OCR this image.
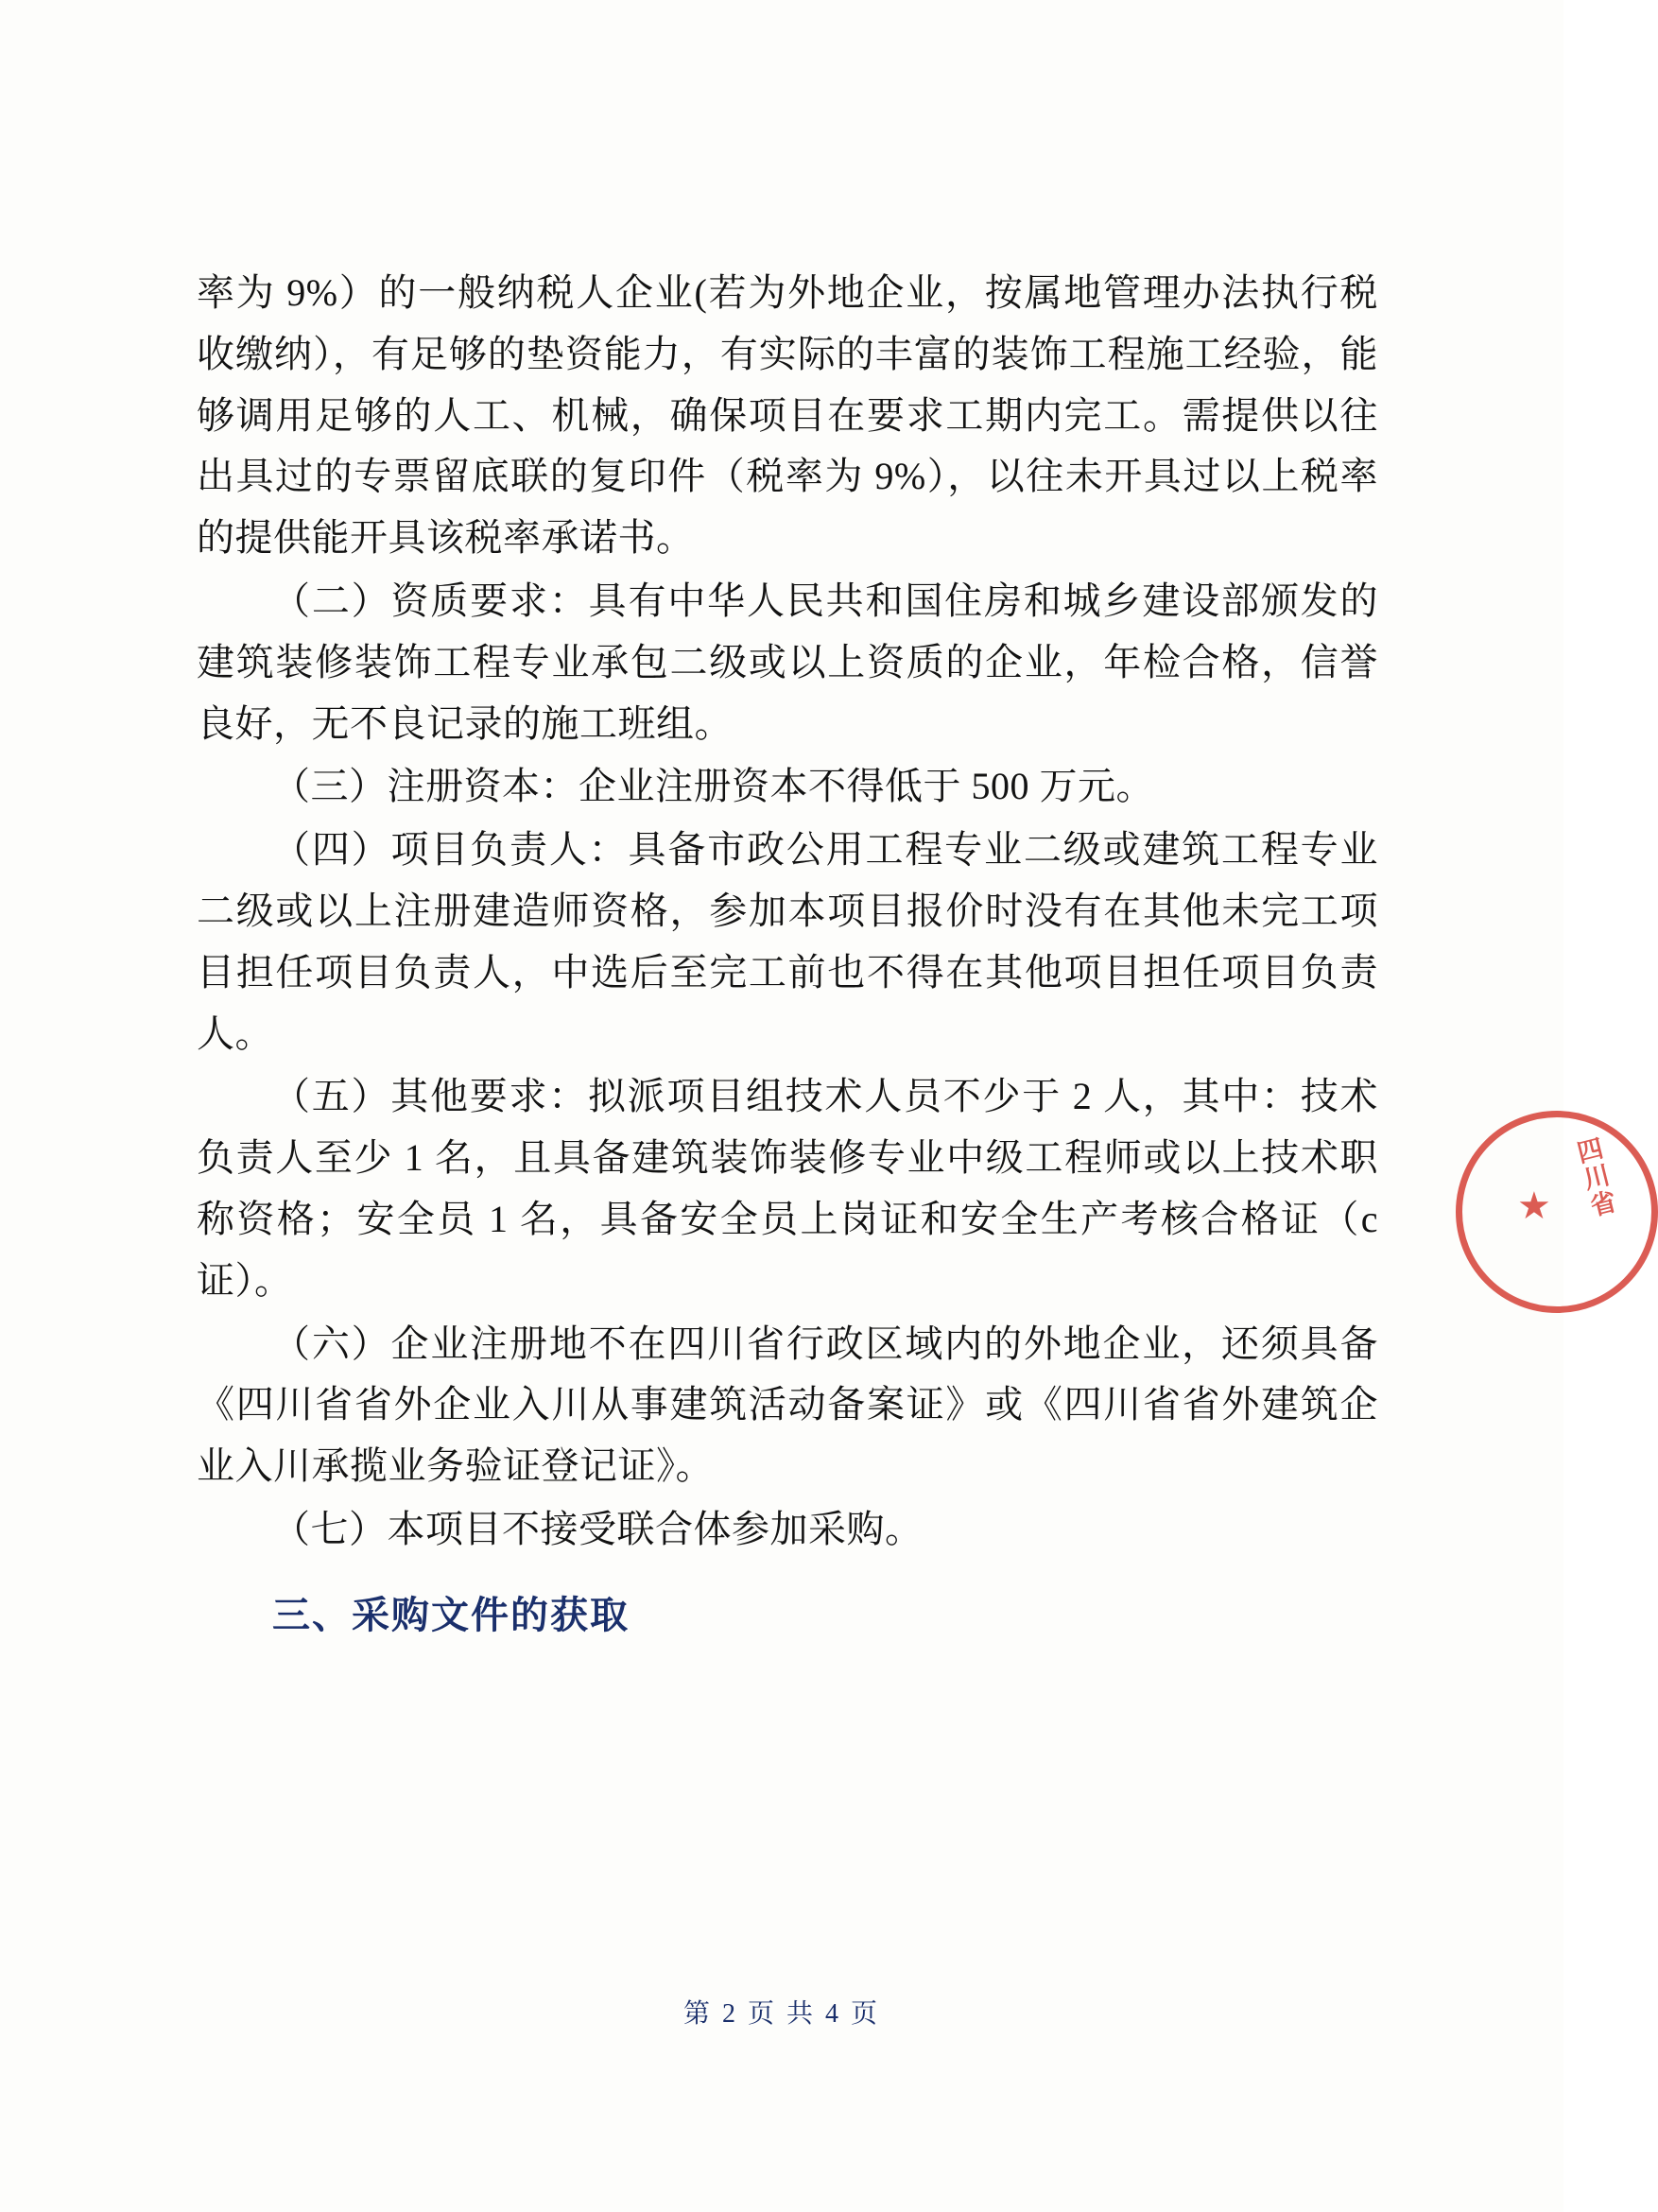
率为 9%）的一般纳税人企业(若为外地企业，按属地管理办法执行税收缴纳），有足够的垫资能力，有实际的丰富的装饰工程施工经验，能够调用足够的人工、机械，确保项目在要求工期内完工。需提供以往出具过的专票留底联的复印件（税率为 9%），以往未开具过以上税率的提供能开具该税率承诺书。

（二）资质要求：具有中华人民共和国住房和城乡建设部颁发的建筑装修装饰工程专业承包二级或以上资质的企业，年检合格，信誉良好，无不良记录的施工班组。

（三）注册资本：企业注册资本不得低于 500 万元。

（四）项目负责人：具备市政公用工程专业二级或建筑工程专业二级或以上注册建造师资格，参加本项目报价时没有在其他未完工项目担任项目负责人，中选后至完工前也不得在其他项目担任项目负责人。

（五）其他要求：拟派项目组技术人员不少于 2 人，其中：技术负责人至少 1 名，且具备建筑装饰装修专业中级工程师或以上技术职称资格；安全员 1 名，具备安全员上岗证和安全生产考核合格证（c 证）。

（六）企业注册地不在四川省行政区域内的外地企业，还须具备《四川省省外企业入川从事建筑活动备案证》或《四川省省外建筑企业入川承揽业务验证登记证》。

（七）本项目不接受联合体参加采购。

三、采购文件的获取

★ 四川省
第 2 页 共 4 页
